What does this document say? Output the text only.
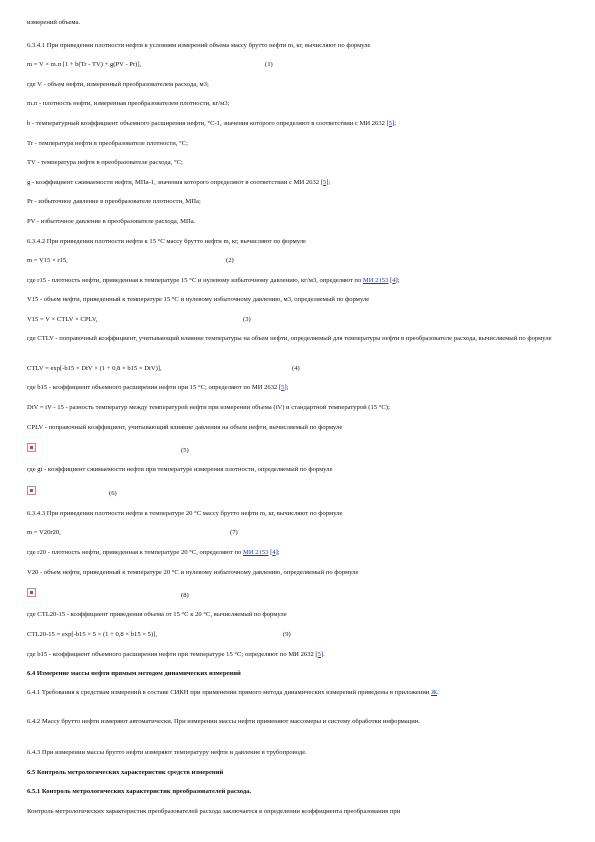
измерений объема.
6.3.4.1 При приведении плотности нефти к условиям измерений объема массу брутто нефти m, кг, вычисляют по формуле
m = V × m.п [1 + b(Tr - TV) + g(PV - Pr)],	(1)
где V - объем нефти, измеренный преобразователем расхода, м3;
m.п - плотность нефти, измеренная преобразователем плотности, кг/м3;
b - температурный коэффициент объемного расширения нефти, °С-1, значения которого определяют в соответствии с МИ 2632 [5];
Tr - температура нефти в преобразователе плотности, °С;
TV - температура нефти в преобразователе расхода, °С;
g - коэффициент сжимаемости нефти, МПа-1, значения которого определяют в соответствии с МИ 2632 [5];
Pr - избыточное давление в преобразователе плотности, МПа;
PV - избыточное давление в преобразователе расхода, МПа.
6.3.4.2 При приведении плотности нефти к 15 °С массу брутто нефти m, кг, вычисляют по формуле
m = V15 × r15,	(2)
где r15 - плотность нефти, приведенная к температуре 15 °С и нулевому избыточному давлению, кг/м3, определяют по МИ 2153 [4];
V15 - объем нефти, приведенный к температуре 15 °С и нулевому избыточному давлению, м3, определяемый по формуле
V15 = V × CTLV × CPLV,	(3)
где CTLV - поправочный коэффициент, учитывающий влияние температуры на объем нефти, определяемый для температуры нефти в преобразователе расхода, вычисляемый по формуле
CTLV = exp[-b15 × DtV × (1 + 0,8 × b15 × DtV)],	(4)
где b15 - коэффициент объемного расширения нефти при 15 °С; определяют по МИ 2632 [5];
DtV = tV - 15 - разность температур между температурой нефти при измерении объема (tV) и стандартной температурой (15 °С);
CPLV - поправочный коэффициент, учитывающий влияние давления на объем нефти, вычисляемый по формуле
(5)
где gt - коэффициент сжимаемости нефти при температуре измерения плотности, определяемый по формуле
(6)
6.3.4.3 При приведении плотности нефти к температуре 20 °С массу брутто нефти m, кг, вычисляют по формуле
m = V20r20,	(7)
где r20 - плотность нефти, приведенная к температуре 20 °С, определяют по МИ 2153 [4];
V20 - объем нефти, приведенный к температуре 20 °С и нулевому избыточному давлению, определяемый по формуле
(8)
где CTL20-15 - коэффициент приведения объема от 15 °С к 20 °С, вычисляемый по формуле
CTL20-15 = exp[-b15 × 5 × (1 + 0,8 × b15 × 5)],	(9)
где b15 - коэффициент объемного расширения нефти при температуре 15 °С; определяют по МИ 2632 [5].
6.4 Измерение массы нефти прямым методом динамических измерений
6.4.1 Требования к средствам измерений в составе СИКН при применении прямого метода динамических измерений приведены в приложении Ж.
6.4.2 Массу брутто нефти измеряют автоматически. При измерении массы нефти применяют массомеры и систему обработки информации.
6.4.3 При измерении массы брутто нефти измеряют температуру нефти и давление в трубопроводе.
6.5 Контроль метрологических характеристик средств измерений
6.5.1 Контроль метрологических характеристик преобразователей расхода.
Контроль метрологических характеристик преобразователей расхода заключается в определении коэффициента преобразования при
